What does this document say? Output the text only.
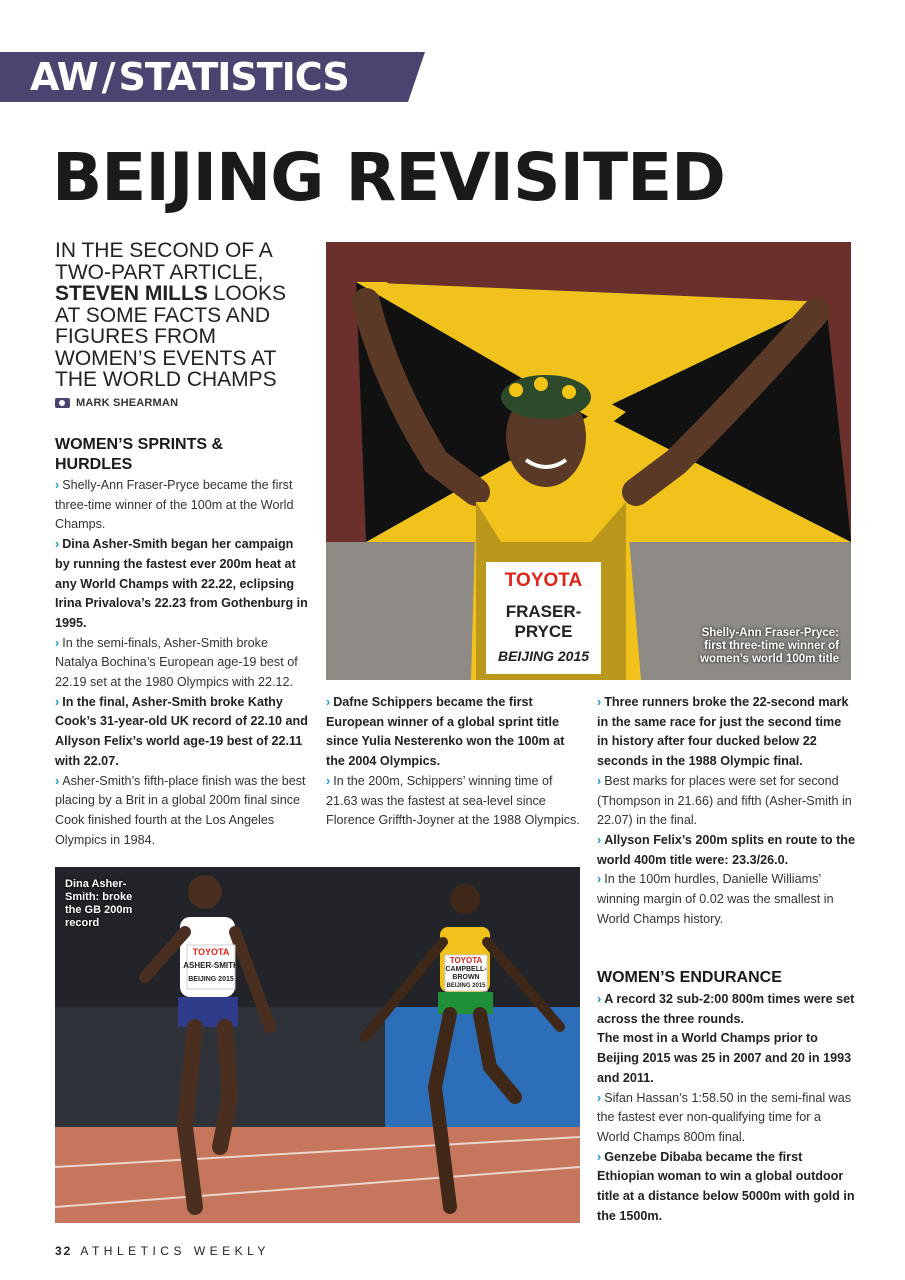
AW / STATISTICS
BEIJING REVISITED
IN THE SECOND OF A TWO-PART ARTICLE, STEVEN MILLS LOOKS AT SOME FACTS AND FIGURES FROM WOMEN’S EVENTS AT THE WORLD CHAMPS
MARK SHEARMAN
WOMEN’S SPRINTS & HURDLES

› Shelly-Ann Fraser-Pryce became the first three-time winner of the 100m at the World Champs.

› Dina Asher-Smith began her campaign by running the fastest ever 200m heat at any World Champs with 22.22, eclipsing Irina Privalova’s 22.23 from Gothenburg in 1995.

› In the semi-finals, Asher-Smith broke Natalya Bochina’s European age-19 best of 22.19 set at the 1980 Olympics with 22.12.

› In the final, Asher-Smith broke Kathy Cook’s 31-year-old UK record of 22.10 and Allyson Felix’s world age-19 best of 22.11 with 22.07.

› Asher-Smith’s fifth-place finish was the best placing by a Brit in a global 200m final since Cook finished fourth at the Los Angeles Olympics in 1984.

TOYOTA
FRASER-PRYCE
BEIJING 2015
Shelly-Ann Fraser-Pryce: first three-time winner of women’s world 100m title

› Dafne Schippers became the first European winner of a global sprint title since Yulia Nesterenko won the 100m at the 2004 Olympics.

› In the 200m, Schippers’ winning time of 21.63 was the fastest at sea-level since Florence Griffth-Joyner at the 1988 Olympics.

› Three runners broke the 22-second mark in the same race for just the second time in history after four ducked below 22 seconds in the 1988 Olympic final.

› Best marks for places were set for second (Thompson in 21.66) and fifth (Asher-Smith in 22.07) in the final.

› Allyson Felix’s 200m splits en route to the world 400m title were: 23.3/26.0.

› In the 100m hurdles, Danielle Williams’ winning margin of 0.02 was the smallest in World Champs history.

WOMEN’S ENDURANCE

› A record 32 sub-2:00 800m times were set across the three rounds.

The most in a World Champs prior to Beijing 2015 was 25 in 2007 and 20 in 1993 and 2011.

› Sifan Hassan’s 1:58.50 in the semi-final was the fastest ever non-qualifying time for a World Champs 800m final.

› Genzebe Dibaba became the first Ethiopian woman to win a global outdoor title at a distance below 5000m with gold in the 1500m.

TOYOTA
ASHER-SMITH
BEIJING 2015
TOYOTA
CAMPBELL-
BROWN
BEIJING 2015
Dina Asher-Smith: broke the GB 200m record
32 ATHLETICS WEEKLY
